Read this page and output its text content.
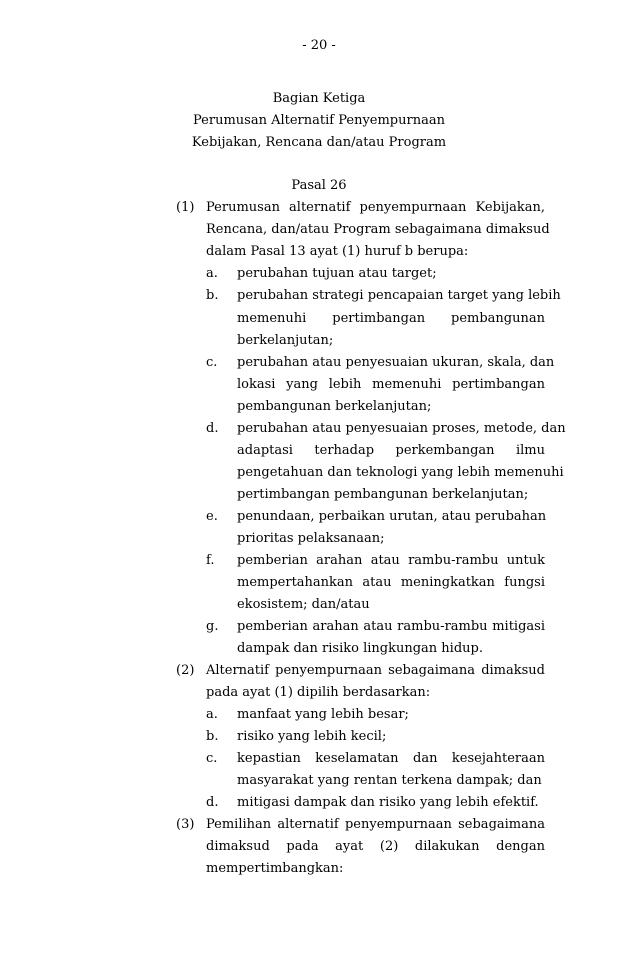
- 20 -
Bagian Ketiga
Perumusan Alternatif Penyempurnaan
Kebijakan, Rencana dan/atau Program
Pasal 26
(1) Perumusan alternatif penyempurnaan Kebijakan,
Rencana, dan/atau Program sebagaimana dimaksud
dalam Pasal 13 ayat (1) huruf b berupa:
a. perubahan tujuan atau target;
b. perubahan strategi pencapaian target yang lebih
memenuhi pertimbangan pembangunan
berkelanjutan;
c. perubahan atau penyesuaian ukuran, skala, dan
lokasi yang lebih memenuhi pertimbangan
pembangunan berkelanjutan;
d. perubahan atau penyesuaian proses, metode, dan
adaptasi terhadap perkembangan ilmu
pengetahuan dan teknologi yang lebih memenuhi
pertimbangan pembangunan berkelanjutan;
e. penundaan, perbaikan urutan, atau perubahan
prioritas pelaksanaan;
f. pemberian arahan atau rambu-rambu untuk
mempertahankan atau meningkatkan fungsi
ekosistem; dan/atau
g. pemberian arahan atau rambu-rambu mitigasi
dampak dan risiko lingkungan hidup.
(2) Alternatif penyempurnaan sebagaimana dimaksud
pada ayat (1) dipilih berdasarkan:
a. manfaat yang lebih besar;
b. risiko yang lebih kecil;
c. kepastian keselamatan dan kesejahteraan
masyarakat yang rentan terkena dampak; dan
d. mitigasi dampak dan risiko yang lebih efektif.
(3) Pemilihan alternatif penyempurnaan sebagaimana
dimaksud pada ayat (2) dilakukan dengan
mempertimbangkan:
